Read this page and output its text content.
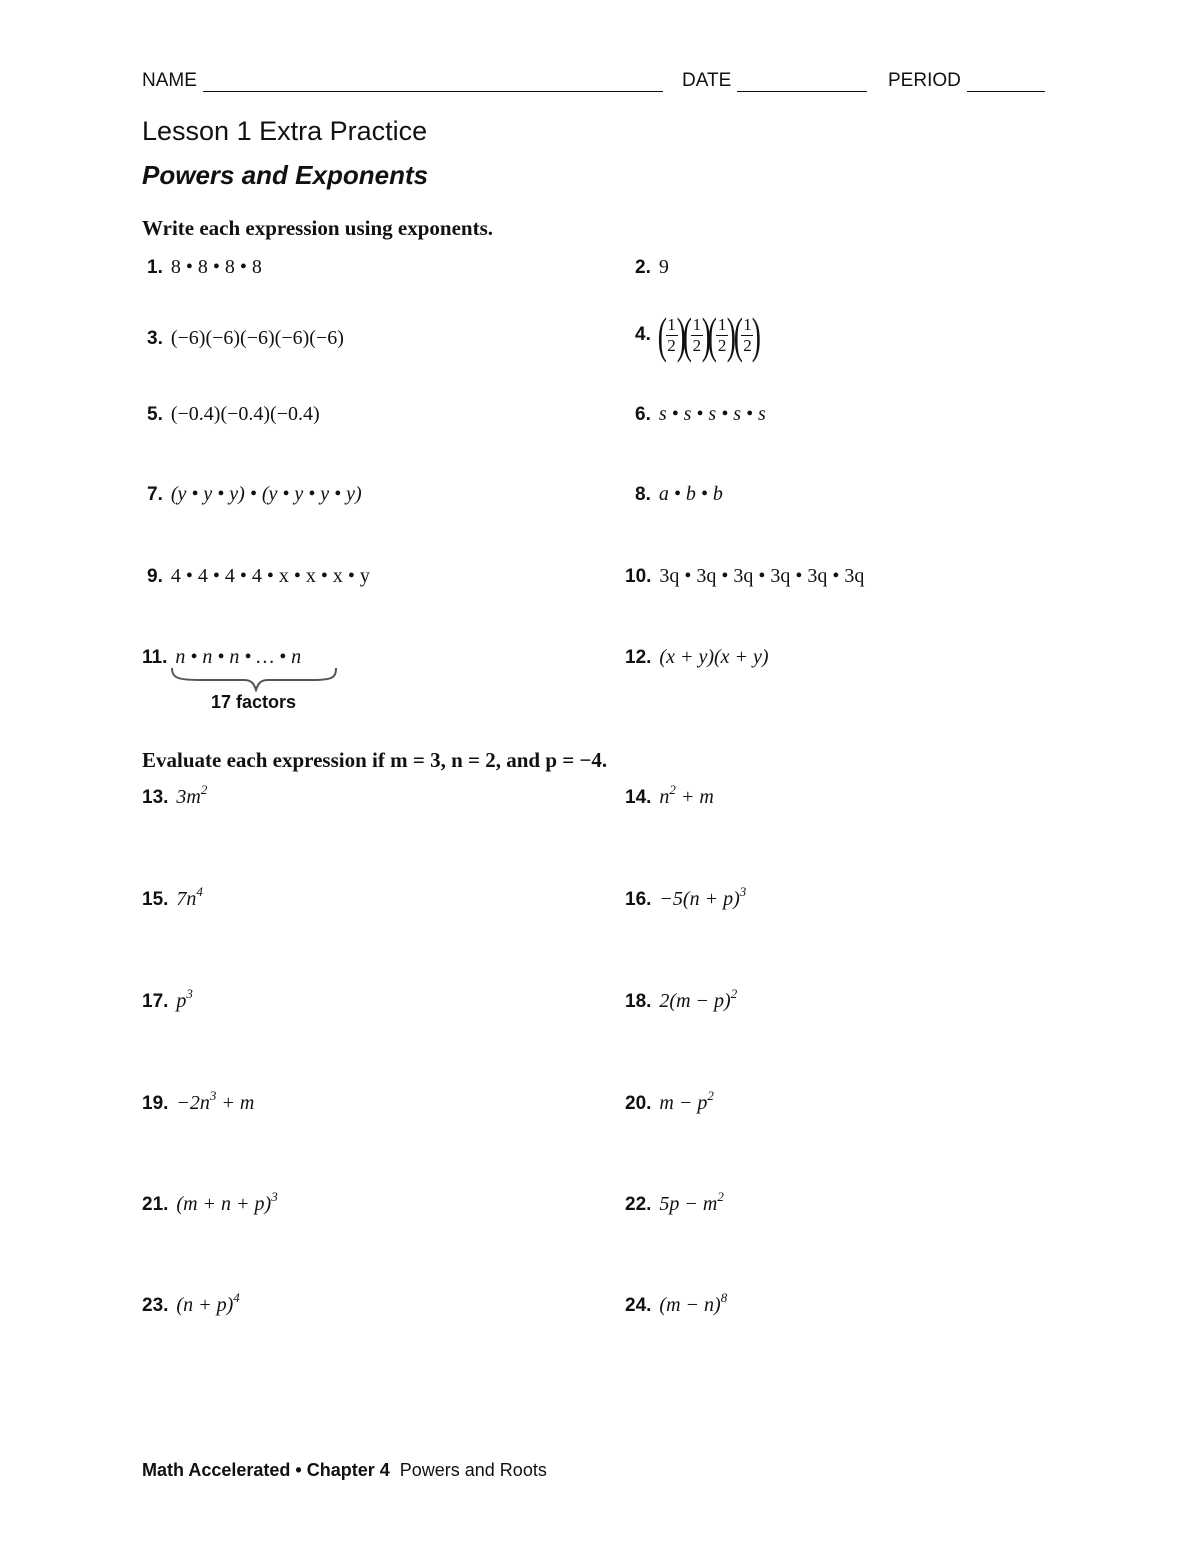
NAME	DATE	PERIOD
Lesson 1 Extra Practice
Powers and Exponents
Write each expression using exponents.
1. 8 • 8 • 8 • 8	2. 9
3. (−6)(−6)(−6)(−6)(−6)	4. (
$\frac{1}{2}$
)
(
$\frac{1}{2}$
)
(
$\frac{1}{2}$
)
(
$\frac{1}{2}$
)
5. (−0.4)(−0.4)(−0.4)	6. s • s • s • s • s
7. (y • y • y) • (y • y • y • y)	8. a • b • b
9. 4 • 4 • 4 • 4 • x • x • x • y	10. 3q • 3q • 3q • 3q • 3q • 3q
11. n • n • n • … • n
17 factors
12. (x + y)(x + y)
Evaluate each expression if m = 3, n = 2, and p = −4.
13. $3m^2$	14. $n^2 + m$
15. $7n^4$	16. $-5(n + p)^3$
17. $p^3$	18. $2(m - p)^2$
19. $-2n^3 + m$	20. $m - p^2$
21. $(m + n + p)^3$	22. $5p - m^2$
23. $(n + p)^4$	24. $(m - n)^8$
Math Accelerated • Chapter 4 Powers and Roots
